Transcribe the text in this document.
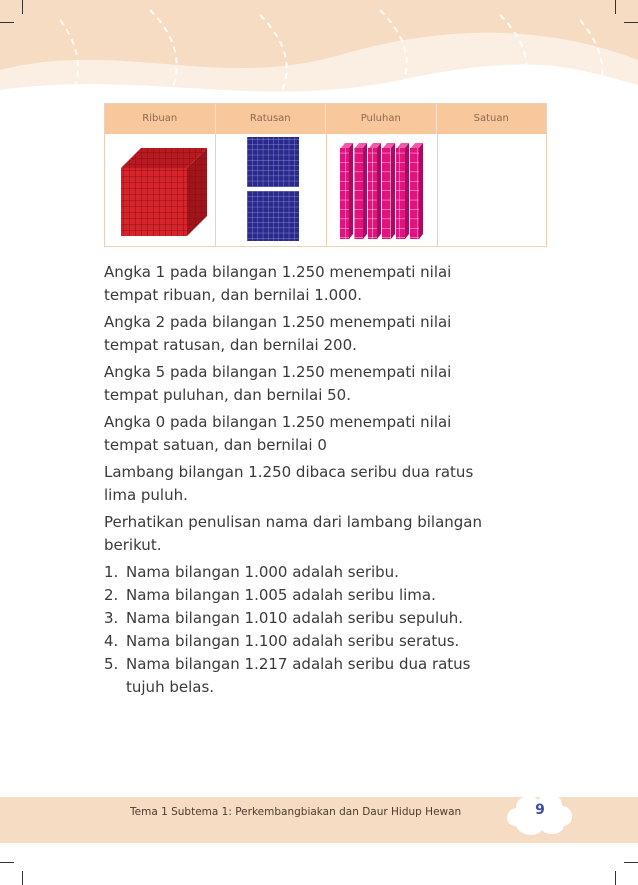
Ribuan	Ratusan	Puluhan	Satuan

Angka 1 pada bilangan 1.250 menempati nilai
tempat ribuan, dan bernilai 1.000.

Angka 2 pada bilangan 1.250 menempati nilai
tempat ratusan, dan bernilai 200.

Angka 5 pada bilangan 1.250 menempati nilai
tempat puluhan, dan bernilai 50.

Angka 0 pada bilangan 1.250 menempati nilai
tempat satuan, dan bernilai 0

Lambang bilangan 1.250 dibaca seribu dua ratus
lima puluh.

Perhatikan penulisan nama dari lambang bilangan
berikut.

1. Nama bilangan 1.000 adalah seribu.
2. Nama bilangan 1.005 adalah seribu lima.
3. Nama bilangan 1.010 adalah seribu sepuluh.
4. Nama bilangan 1.100 adalah seribu seratus.
5. Nama bilangan 1.217 adalah seribu dua ratus
tujuh belas.
Tema 1 Subtema 1: Perkembangbiakan dan Daur Hidup Hewan	9
